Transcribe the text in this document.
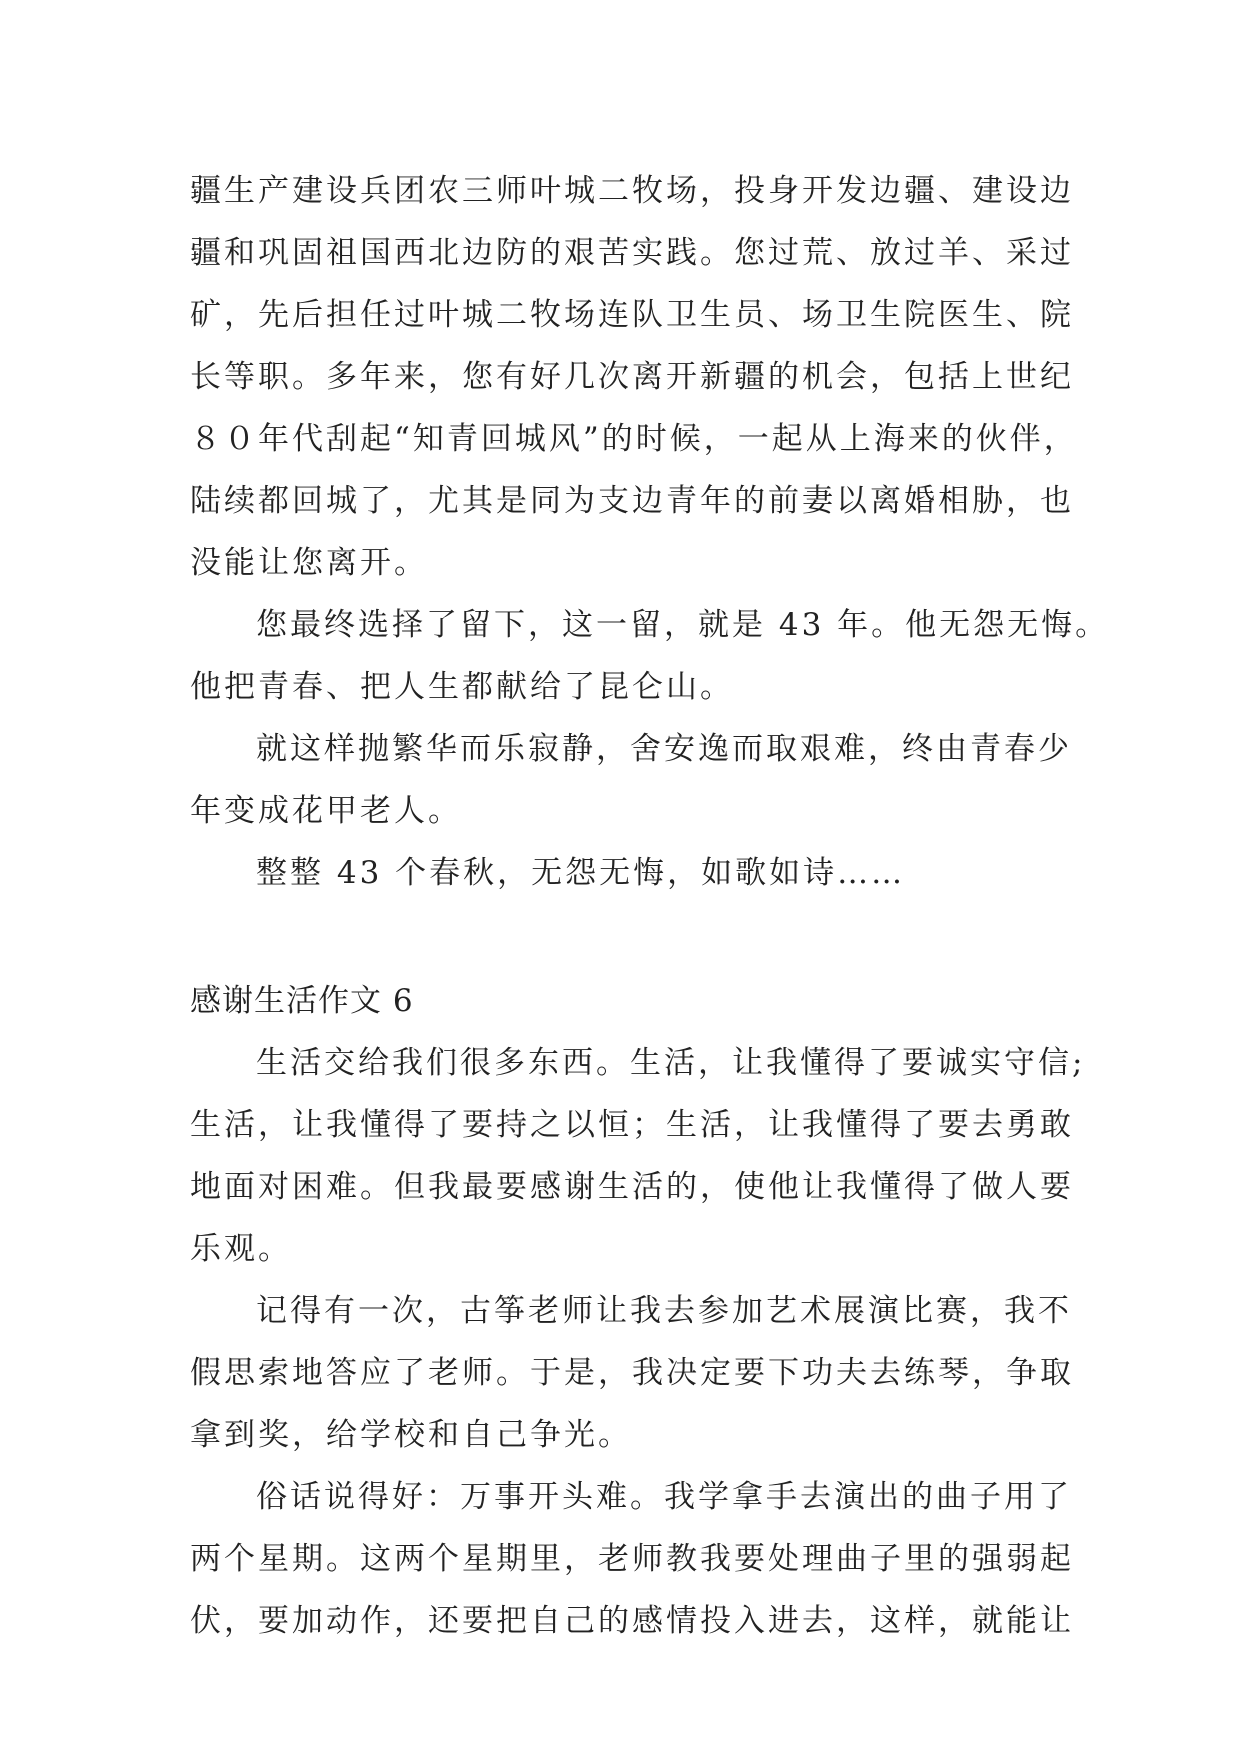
疆生产建设兵团农三师叶城二牧场，投身开发边疆、建设边
疆和巩固祖国西北边防的艰苦实践。您过荒、放过羊、采过
矿，先后担任过叶城二牧场连队卫生员、场卫生院医生、院
长等职。多年来，您有好几次离开新疆的机会，包括上世纪
８０年代刮起“知青回城风”的时候，一起从上海来的伙伴，
陆续都回城了，尤其是同为支边青年的前妻以离婚相胁，也
没能让您离开。
您最终选择了留下，这一留，就是 43 年。他无怨无悔。
他把青春、把人生都献给了昆仑山。
就这样抛繁华而乐寂静，舍安逸而取艰难，终由青春少
年变成花甲老人。
整整 43 个春秋，无怨无悔，如歌如诗……
感谢生活作文 6
生活交给我们很多东西。生活，让我懂得了要诚实守信;
生活，让我懂得了要持之以恒；生活，让我懂得了要去勇敢
地面对困难。但我最要感谢生活的，使他让我懂得了做人要
乐观。
记得有一次，古筝老师让我去参加艺术展演比赛，我不
假思索地答应了老师。于是，我决定要下功夫去练琴，争取
拿到奖，给学校和自己争光。
俗话说得好：万事开头难。我学拿手去演出的曲子用了
两个星期。这两个星期里，老师教我要处理曲子里的强弱起
伏，要加动作，还要把自己的感情投入进去，这样，就能让
